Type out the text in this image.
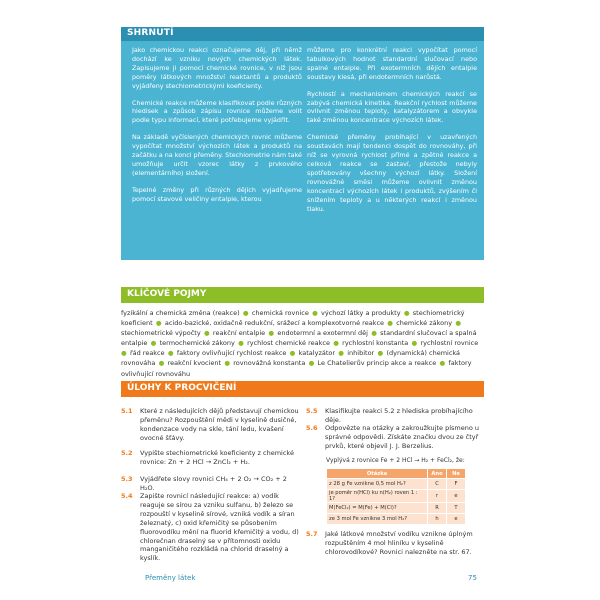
SHRNUTÍ

Jako chemickou reakci označujeme děj, při němž dochází ke vzniku nových chemických látek. Zapisujeme ji pomocí chemické rovnice, v níž jsou poměry látkových množství reaktantů a produktů vyjádřeny stechiometrickými koeficienty.

Chemické reakce můžeme klasifikovat podle různých hledisek a způsob zápisu rovnice můžeme volit podle typu informací, které potřebujeme vyjádřit.

Na základě vyčíslených chemických rovnic můžeme vypočítat množství výchozích látek a produktů na začátku a na konci přeměny. Stechiometrie nám také umožňuje určit vzorec látky z prvkového (elementárního) složení.

Tepelné změny při různých dějích vyjadřujeme pomocí stavové veličiny entalpie, kterou

můžeme pro konkrétní reakci vypočítat pomocí tabulkových hodnot standardní slučovací nebo spalné entalpie. Při exotermních dějích entalpie soustavy klesá, při endotermních narůstá.

Rychlostí a mechanismem chemických reakcí se zabývá chemická kinetika. Reakční rychlost můžeme ovlivnit změnou teploty, katalyzátorem a obvykle také změnou koncentrace výchozích látek.

Chemické přeměny probíhající v uzavřených soustavách mají tendenci dospět do rovnováhy, při níž se vyrovná rychlost přímé a zpětné reakce a celková reakce se zastaví, přestože nebyly spotřebovány všechny výchozí látky. Složení rovnovážné směsi můžeme ovlivnit změnou koncentrací výchozích látek i produktů, zvýšením či snížením teploty a u některých reakcí i změnou tlaku.

KLÍČOVÉ POJMY
fyzikální a chemická změna (reakce) ● chemická rovnice ● výchozí látky a produkty ● stechiometrický koeficient ● acido-bazické, oxidačně redukční, srážecí a komplexotvorné reakce ● chemické zákony ● stechiometrické výpočty ● reakční entalpie ● endotermní a exotermní děj ● standardní slučovací a spalná entalpie ● termochemické zákony ● rychlost chemické reakce ● rychlostní konstanta ● rychlostní rovnice ● řád reakce ● faktory ovlivňující rychlost reakce ● katalyzátor ● inhibitor ● (dynamická) chemická rovnováha ● reakční kvocient ● rovnovážná konstanta ● Le Chatelierův princip akce a reakce ● faktory ovlivňující rovnováhu
ÚLOHY K PROCVIČENÍ
5.1 Které z následujících dějů představují chemickou přeměnu? Rozpouštění mědi v kyselině dusičné, kondenzace vody na skle, tání ledu, kvašení ovocné šťávy.
5.2 Vypište stechiometrické koeficienty z chemické rovnice: Zn + 2 HCl → ZnCl₂ + H₂.
5.3 Vyjádřete slovy rovnici CH₄ + 2 O₂ → CO₂ + 2 H₂O.
5.4 Zapište rovnicí následující reakce: a) vodík reaguje se sírou za vzniku sulfanu, b) železo se rozpouští v kyselině sírové, vzniká vodík a síran železnatý, c) oxid křemičitý se působením fluorovodíku mění na fluorid křemičitý a vodu, d) chlorečnan draselný se v přítomnosti oxidu manganičitého rozkládá na chlorid draselný a kyslík.
5.5 Klasifikujte reakci 5.2 z hlediska probíhajícího děje.
5.6 Odpovězte na otázky a zakroužkujte písmeno u správné odpovědi. Získáte značku dvou ze čtyř prvků, které objevil J. J. Berzelius.
Vyplývá z rovnice Fe + 2 HCl → H₂ + FeCl₂, že:
Otázka	Ano	Ne
z 28 g Fe vznikne 0,5 mol H₂?	C	F
je poměr n(HCl) ku n(H₂) roven 1 : 1?	r	e
M(FeCl₂) = M(Fe) + M(Cl)?	R	T
ze 3 mol Fe vznikne 3 mol H₂?	h	e
5.7 Jaké látkové množství vodíku vznikne úplným rozpuštěním 4 mol hliníku v kyselině chlorovodíkové? Rovnici nalezněte na str. 67.
Přeměny látek	75
